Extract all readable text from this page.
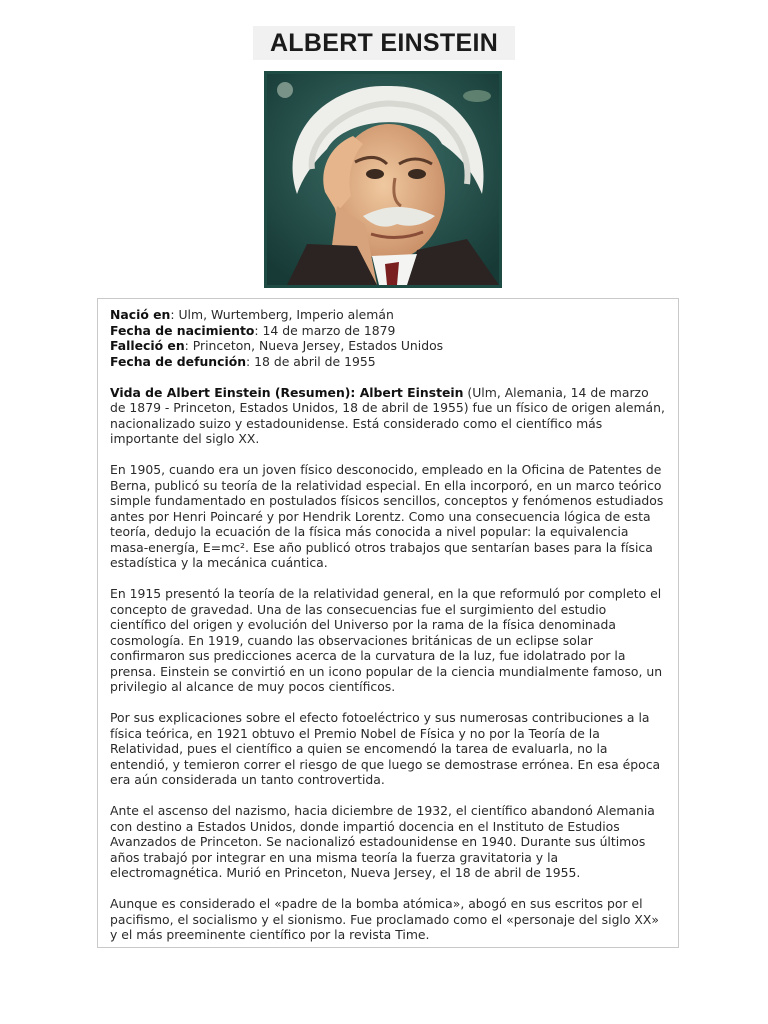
ALBERT EINSTEIN

Nació en: Ulm, Wurtemberg, Imperio alemán

Fecha de nacimiento: 14 de marzo de 1879

Falleció en: Princeton, Nueva Jersey, Estados Unidos

Fecha de defunción: 18 de abril de 1955

Vida de Albert Einstein (Resumen): Albert Einstein (Ulm, Alemania, 14 de marzo de 1879 - Princeton, Estados Unidos, 18 de abril de 1955) fue un físico de origen alemán, nacionalizado suizo y estadounidense. Está considerado como el científico más importante del siglo XX.

En 1905, cuando era un joven físico desconocido, empleado en la Oficina de Patentes de Berna, publicó su teoría de la relatividad especial. En ella incorporó, en un marco teórico simple fundamentado en postulados físicos sencillos, conceptos y fenómenos estudiados antes por Henri Poincaré y por Hendrik Lorentz. Como una consecuencia lógica de esta teoría, dedujo la ecuación de la física más conocida a nivel popular: la equivalencia masa-energía, E=mc². Ese año publicó otros trabajos que sentarían bases para la física estadística y la mecánica cuántica.

En 1915 presentó la teoría de la relatividad general, en la que reformuló por completo el concepto de gravedad. Una de las consecuencias fue el surgimiento del estudio científico del origen y evolución del Universo por la rama de la física denominada cosmología. En 1919, cuando las observaciones británicas de un eclipse solar confirmaron sus predicciones acerca de la curvatura de la luz, fue idolatrado por la prensa. Einstein se convirtió en un icono popular de la ciencia mundialmente famoso, un privilegio al alcance de muy pocos científicos.

Por sus explicaciones sobre el efecto fotoeléctrico y sus numerosas contribuciones a la física teórica, en 1921 obtuvo el Premio Nobel de Física y no por la Teoría de la Relatividad, pues el científico a quien se encomendó la tarea de evaluarla, no la entendió, y temieron correr el riesgo de que luego se demostrase errónea. En esa época era aún considerada un tanto controvertida.

Ante el ascenso del nazismo, hacia diciembre de 1932, el científico abandonó Alemania con destino a Estados Unidos, donde impartió docencia en el Instituto de Estudios Avanzados de Princeton. Se nacionalizó estadounidense en 1940. Durante sus últimos años trabajó por integrar en una misma teoría la fuerza gravitatoria y la electromagnética. Murió en Princeton, Nueva Jersey, el 18 de abril de 1955.

Aunque es considerado el «padre de la bomba atómica», abogó en sus escritos por el pacifismo, el socialismo y el sionismo. Fue proclamado como el «personaje del siglo XX» y el más preeminente científico por la revista Time.
